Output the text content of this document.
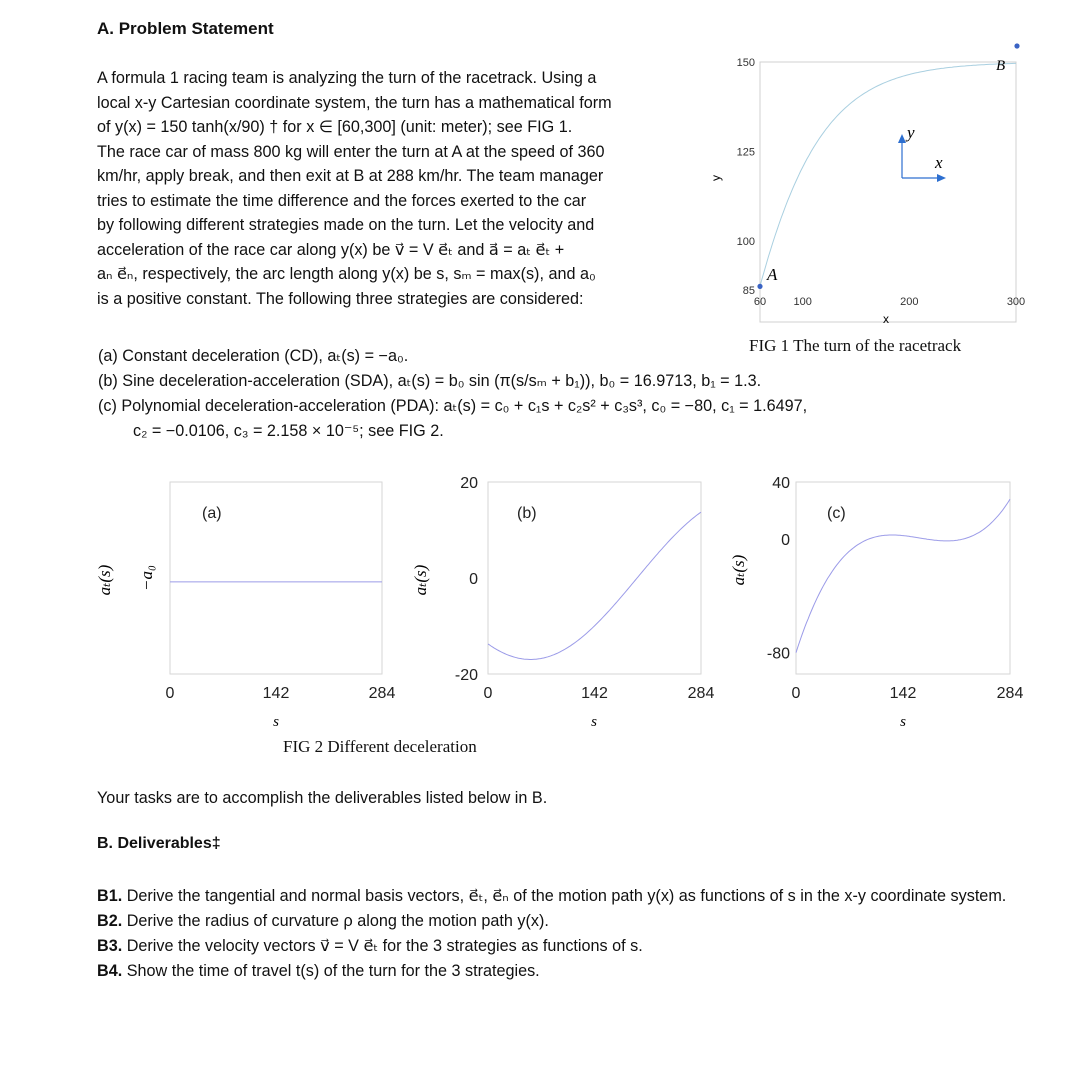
A. Problem Statement
A formula 1 racing team is analyzing the turn of the racetrack. Using a
local x-y Cartesian coordinate system, the turn has a mathematical form
of y(x) = 150 tanh(x/90) † for x ∈ [60,300] (unit: meter); see FIG 1.
The race car of mass 800 kg will enter the turn at A at the speed of 360
km/hr, apply break, and then exit at B at 288 km/hr. The team manager
tries to estimate the time difference and the forces exerted to the car
by following different strategies made on the turn. Let the velocity and
acceleration of the race car along y(x) be v⃗ = V e⃗ₜ and a⃗ = aₜ e⃗ₜ +
aₙ e⃗ₙ, respectively, the arc length along y(x) be s, sₘ = max(s), and a₀
is a positive constant. The following three strategies are considered:	60 100	200	300
85
100
125
150
A
B
y
x
y
x
FIG 1 The turn of the racetrack
(a) Constant deceleration (CD), aₜ(s) = −a₀.
(b) Sine deceleration-acceleration (SDA), aₜ(s) = b₀ sin (π(s/sₘ + b₁)), b₀ = 16.9713, b₁ = 1.3.
(c) Polynomial deceleration-acceleration (PDA): aₜ(s) = c₀ + c₁s + c₂s² + c₃s³, c₀ = −80, c₁ = 1.6497,
c₂ = −0.0106, c₃ = 2.158 × 10⁻⁵; see FIG 2.
(a)	(b)	(c)
0	142	284	0	142	284
20
0
-20
0	142	284
40
0
-80
aₜ(s) −a₀	aₜ(s)	aₜ(s)
s	s	s
FIG 2 Different deceleration
Your tasks are to accomplish the deliverables listed below in B.
B. Deliverables‡
B1. Derive the tangential and normal basis vectors, e⃗ₜ, e⃗ₙ of the motion path y(x) as functions of s in the x-y coordinate system.
B2. Derive the radius of curvature ρ along the motion path y(x).
B3. Derive the velocity vectors v⃗ = V e⃗ₜ for the 3 strategies as functions of s.
B4. Show the time of travel t(s) of the turn for the 3 strategies.
